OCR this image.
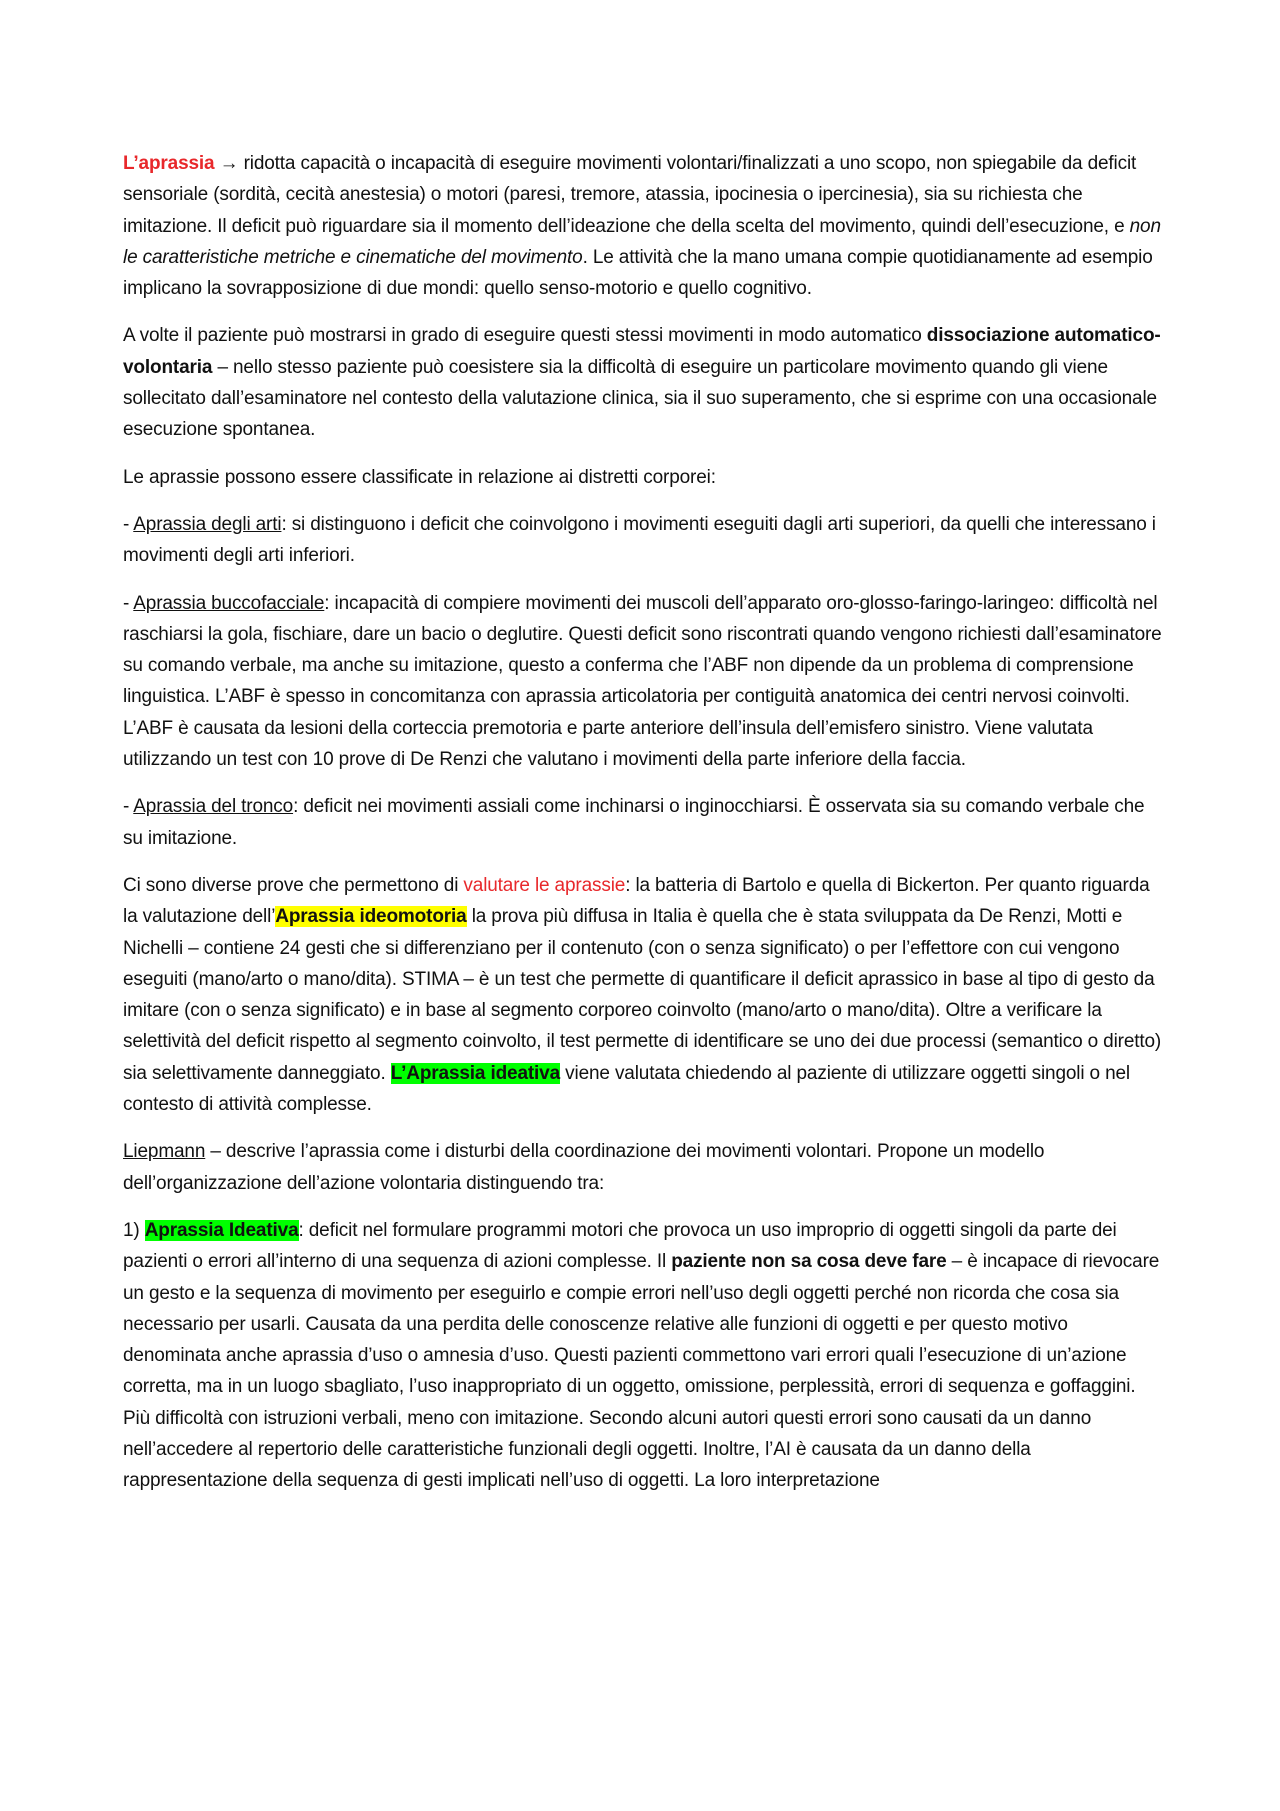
L’aprassia → ridotta capacità o incapacità di eseguire movimenti volontari/finalizzati a uno scopo, non spiegabile da deficit sensoriale (sordità, cecità anestesia) o motori (paresi, tremore, atassia, ipocinesia o ipercinesia), sia su richiesta che imitazione. Il deficit può riguardare sia il momento dell’ideazione che della scelta del movimento, quindi dell’esecuzione, e non le caratteristiche metriche e cinematiche del movimento. Le attività che la mano umana compie quotidianamente ad esempio implicano la sovrapposizione di due mondi: quello senso-motorio e quello cognitivo.

A volte il paziente può mostrarsi in grado di eseguire questi stessi movimenti in modo automatico dissociazione automatico-volontaria – nello stesso paziente può coesistere sia la difficoltà di eseguire un particolare movimento quando gli viene sollecitato dall’esaminatore nel contesto della valutazione clinica, sia il suo superamento, che si esprime con una occasionale esecuzione spontanea.

Le aprassie possono essere classificate in relazione ai distretti corporei:

- Aprassia degli arti: si distinguono i deficit che coinvolgono i movimenti eseguiti dagli arti superiori, da quelli che interessano i movimenti degli arti inferiori.

- Aprassia buccofacciale: incapacità di compiere movimenti dei muscoli dell’apparato oro-glosso-faringo-laringeo: difficoltà nel raschiarsi la gola, fischiare, dare un bacio o deglutire. Questi deficit sono riscontrati quando vengono richiesti dall’esaminatore su comando verbale, ma anche su imitazione, questo a conferma che l’ABF non dipende da un problema di comprensione linguistica. L’ABF è spesso in concomitanza con aprassia articolatoria per contiguità anatomica dei centri nervosi coinvolti. L’ABF è causata da lesioni della corteccia premotoria e parte anteriore dell’insula dell’emisfero sinistro. Viene valutata utilizzando un test con 10 prove di De Renzi che valutano i movimenti della parte inferiore della faccia.

- Aprassia del tronco: deficit nei movimenti assiali come inchinarsi o inginocchiarsi. È osservata sia su comando verbale che su imitazione.

Ci sono diverse prove che permettono di valutare le aprassie: la batteria di Bartolo e quella di Bickerton. Per quanto riguarda la valutazione dell’Aprassia ideomotoria la prova più diffusa in Italia è quella che è stata sviluppata da De Renzi, Motti e Nichelli – contiene 24 gesti che si differenziano per il contenuto (con o senza significato) o per l’effettore con cui vengono eseguiti (mano/arto o mano/dita). STIMA – è un test che permette di quantificare il deficit aprassico in base al tipo di gesto da imitare (con o senza significato) e in base al segmento corporeo coinvolto (mano/arto o mano/dita). Oltre a verificare la selettività del deficit rispetto al segmento coinvolto, il test permette di identificare se uno dei due processi (semantico o diretto) sia selettivamente danneggiato. L’Aprassia ideativa viene valutata chiedendo al paziente di utilizzare oggetti singoli o nel contesto di attività complesse.

Liepmann – descrive l’aprassia come i disturbi della coordinazione dei movimenti volontari. Propone un modello dell’organizzazione dell’azione volontaria distinguendo tra:

1) Aprassia Ideativa: deficit nel formulare programmi motori che provoca un uso improprio di oggetti singoli da parte dei pazienti o errori all’interno di una sequenza di azioni complesse. Il paziente non sa cosa deve fare – è incapace di rievocare un gesto e la sequenza di movimento per eseguirlo e compie errori nell’uso degli oggetti perché non ricorda che cosa sia necessario per usarli. Causata da una perdita delle conoscenze relative alle funzioni di oggetti e per questo motivo denominata anche aprassia d’uso o amnesia d’uso. Questi pazienti commettono vari errori quali l’esecuzione di un’azione corretta, ma in un luogo sbagliato, l’uso inappropriato di un oggetto, omissione, perplessità, errori di sequenza e goffaggini. Più difficoltà con istruzioni verbali, meno con imitazione. Secondo alcuni autori questi errori sono causati da un danno nell’accedere al repertorio delle caratteristiche funzionali degli oggetti. Inoltre, l’AI è causata da un danno della rappresentazione della sequenza di gesti implicati nell’uso di oggetti. La loro interpretazione
